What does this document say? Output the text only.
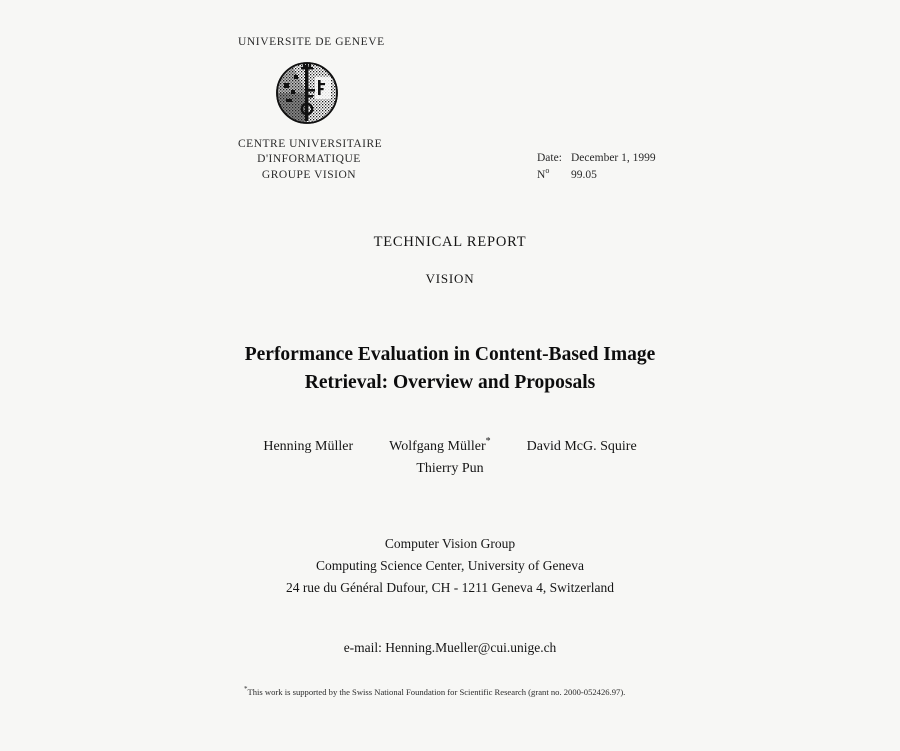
UNIVERSITE DE GENEVE
CENTRE UNIVERSITAIRE
D'INFORMATIQUE
GROUPE VISION
Date: December 1, 1999
$N^o$ 99.05
TECHNICAL REPORT
VISION
Performance Evaluation in Content-Based Image
Retrieval: Overview and Proposals
Henning Müller	Wolfgang Müller*	David McG. Squire
Thierry Pun
Computer Vision Group
Computing Science Center, University of Geneva
24 rue du Général Dufour, CH - 1211 Geneva 4, Switzerland
e-mail: Henning.Mueller@cui.unige.ch
*This work is supported by the Swiss National Foundation for Scientific Research (grant no. 2000-052426.97).
